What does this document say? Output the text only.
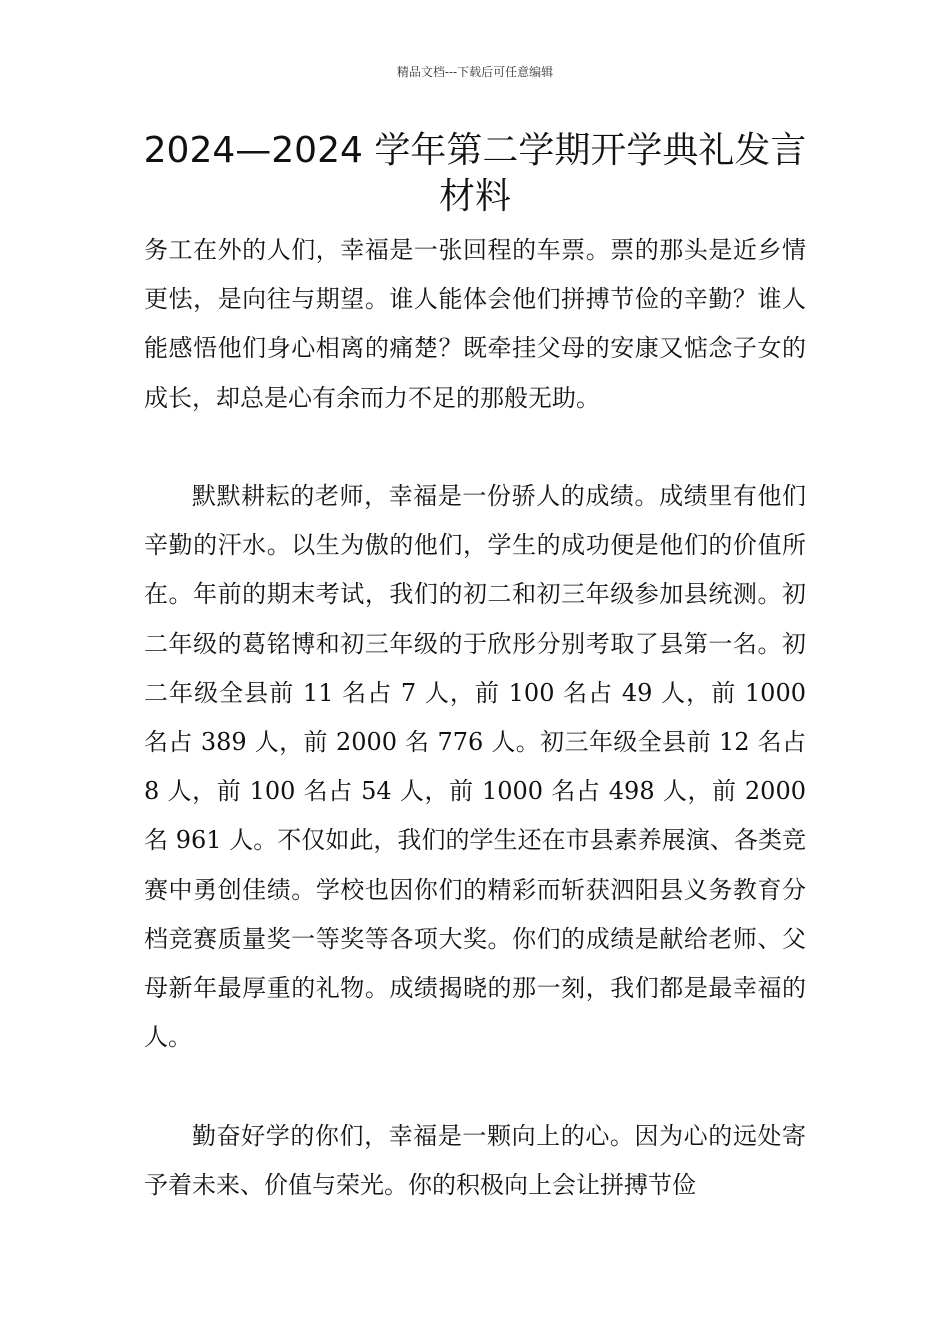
精品文档---下载后可任意编辑
2024—2024 学年第二学期开学典礼发言材料

务工在外的人们，幸福是一张回程的车票。票的那头是近乡情更怯，是向往与期望。谁人能体会他们拼搏节俭的辛勤？谁人能感悟他们身心相离的痛楚？既牵挂父母的安康又惦念子女的成长，却总是心有余而力不足的那般无助。

默默耕耘的老师，幸福是一份骄人的成绩。成绩里有他们辛勤的汗水。以生为傲的他们，学生的成功便是他们的价值所在。年前的期末考试，我们的初二和初三年级参加县统测。初二年级的葛铭博和初三年级的于欣彤分别考取了县第一名。初二年级全县前 11 名占 7 人，前 100 名占 49 人，前 1000 名占 389 人，前 2000 名 776 人。初三年级全县前 12 名占 8 人，前 100 名占 54 人，前 1000 名占 498 人，前 2000 名 961 人。不仅如此，我们的学生还在市县素养展演、各类竞赛中勇创佳绩。学校也因你们的精彩而斩获泗阳县义务教育分档竞赛质量奖一等奖等各项大奖。你们的成绩是献给老师、父母新年最厚重的礼物。成绩揭晓的那一刻，我们都是最幸福的人。

勤奋好学的你们，幸福是一颗向上的心。因为心的远处寄予着未来、价值与荣光。你的积极向上会让拼搏节俭
